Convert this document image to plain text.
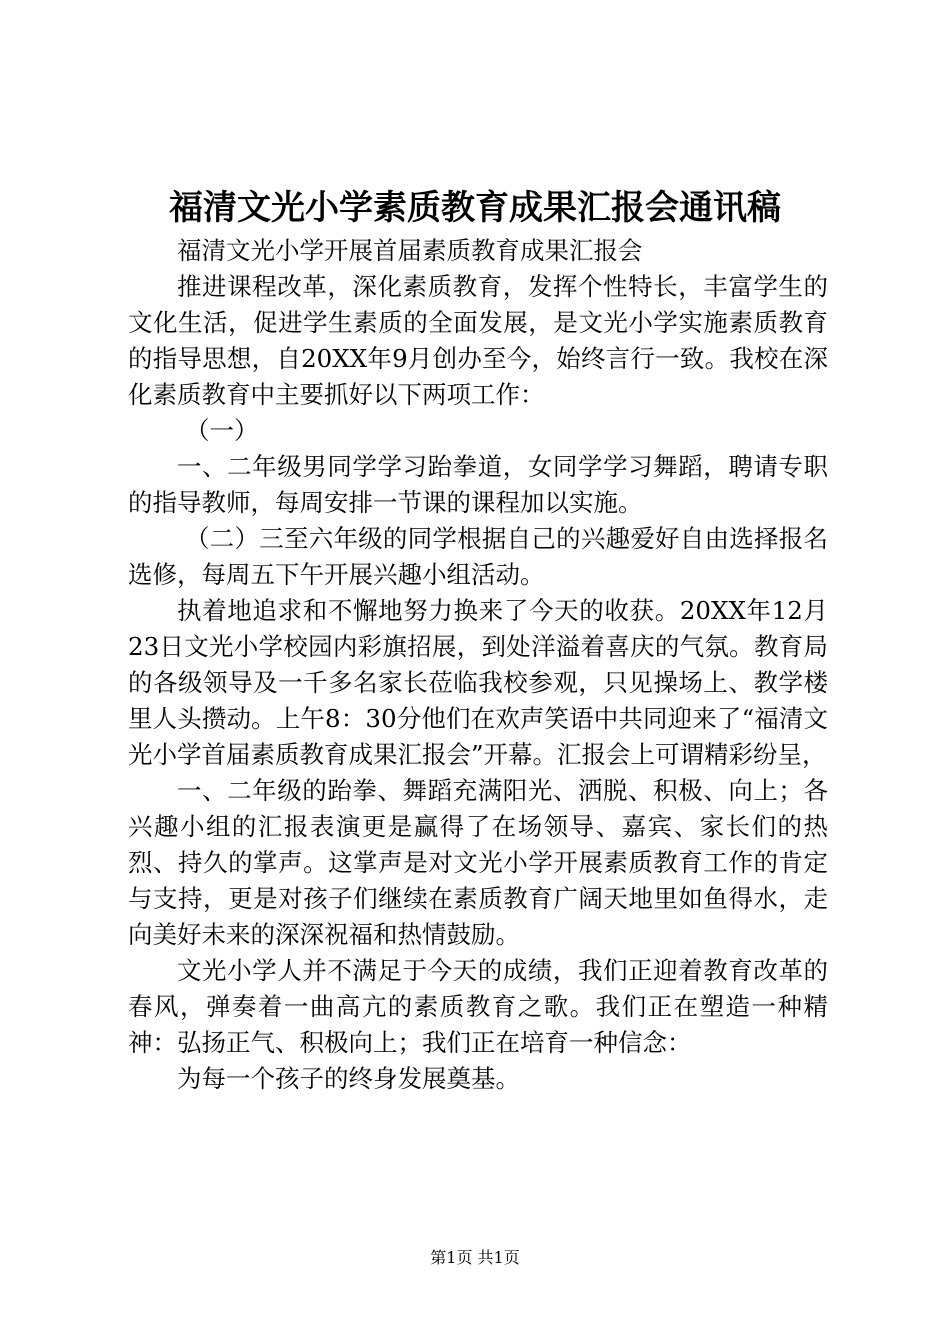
福清文光小学素质教育成果汇报会通讯稿

福清文光小学开展首届素质教育成果汇报会

推进课程改革，深化素质教育，发挥个性特长，丰富学生的文化生活，促进学生素质的全面发展，是文光小学实施素质教育的指导思想，自20XX年9月创办至今，始终言行一致。我校在深化素质教育中主要抓好以下两项工作：

（一）

一、二年级男同学学习跆拳道，女同学学习舞蹈，聘请专职的指导教师，每周安排一节课的课程加以实施。

（二）三至六年级的同学根据自己的兴趣爱好自由选择报名选修，每周五下午开展兴趣小组活动。

执着地追求和不懈地努力换来了今天的收获。20XX年12月23日文光小学校园内彩旗招展，到处洋溢着喜庆的气氛。教育局的各级领导及一千多名家长莅临我校参观，只见操场上、教学楼里人头攒动。上午8：30分他们在欢声笑语中共同迎来了“福清文光小学首届素质教育成果汇报会”开幕。汇报会上可谓精彩纷呈，

一、二年级的跆拳、舞蹈充满阳光、洒脱、积极、向上；各兴趣小组的汇报表演更是赢得了在场领导、嘉宾、家长们的热烈、持久的掌声。这掌声是对文光小学开展素质教育工作的肯定与支持，更是对孩子们继续在素质教育广阔天地里如鱼得水，走向美好未来的深深祝福和热情鼓励。

文光小学人并不满足于今天的成绩，我们正迎着教育改革的春风，弹奏着一曲高亢的素质教育之歌。我们正在塑造一种精神：弘扬正气、积极向上；我们正在培育一种信念：

为每一个孩子的终身发展奠基。

第1页 共1页
